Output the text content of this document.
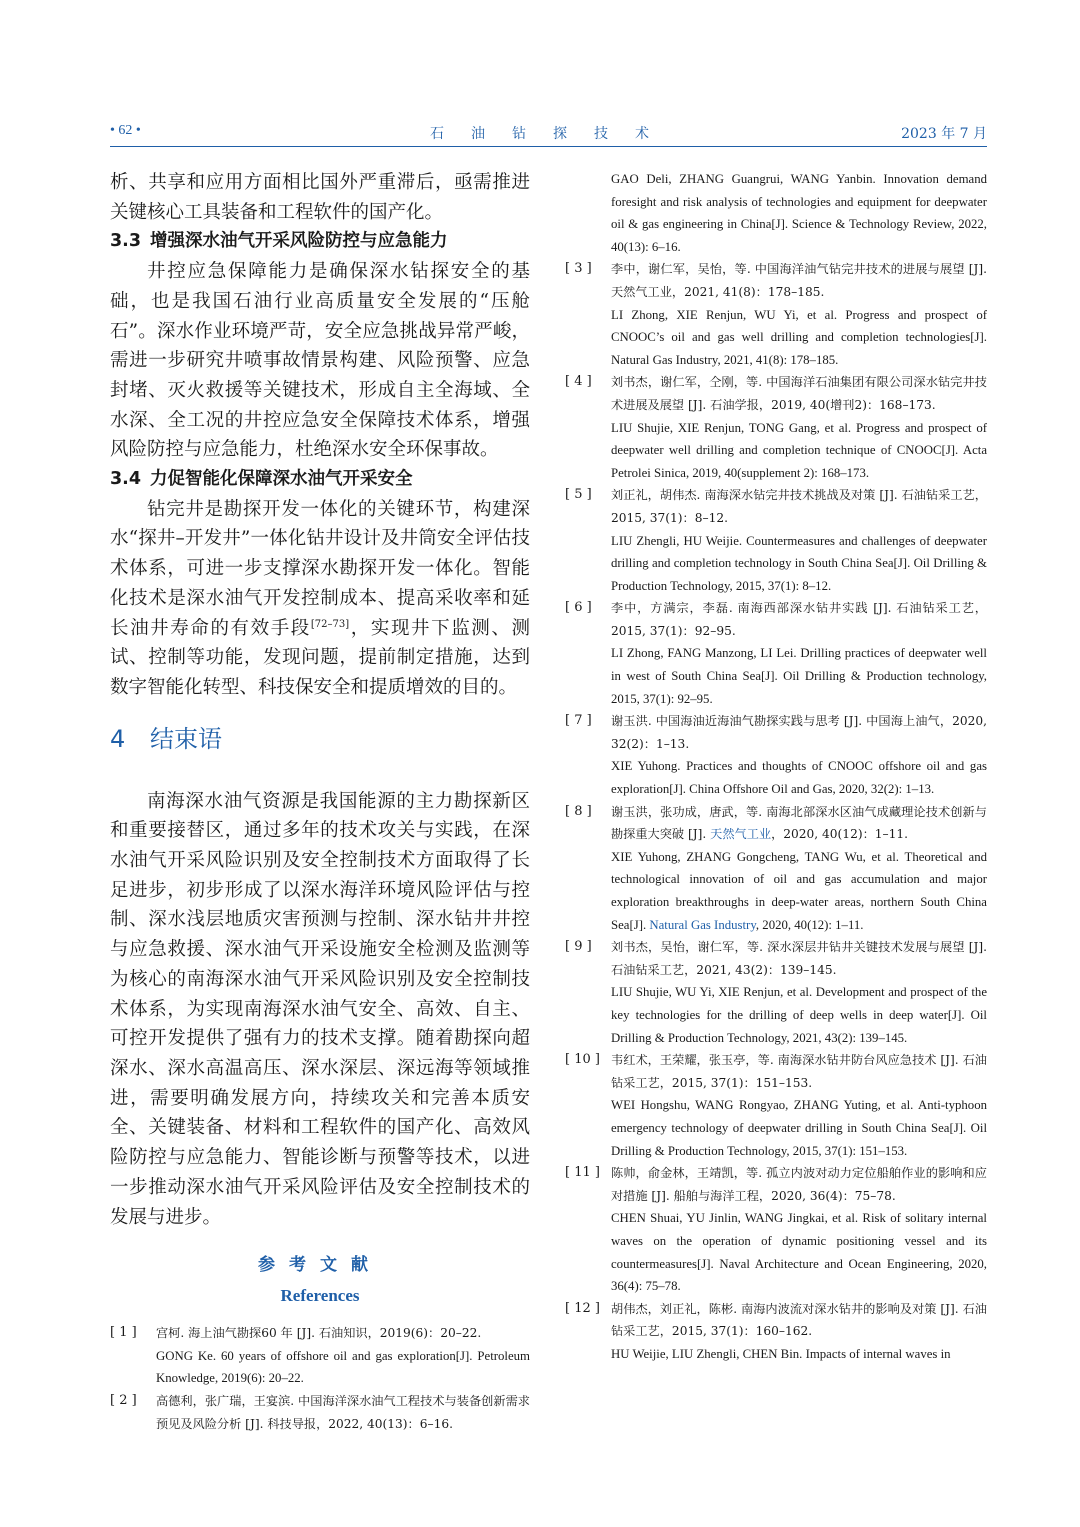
• 62 •	石油钻探技术	2023 年 7 月

析、共享和应用方面相比国外严重滞后，亟需推进关键核心工具装备和工程软件的国产化。

3.3 增强深水油气开采风险防控与应急能力

井控应急保障能力是确保深水钻探安全的基础，也是我国石油行业高质量安全发展的“压舱石”。深水作业环境严苛，安全应急挑战异常严峻，需进一步研究井喷事故情景构建、风险预警、应急封堵、灭火救援等关键技术，形成自主全海域、全水深、全工况的井控应急安全保障技术体系，增强风险防控与应急能力，杜绝深水安全环保事故。

3.4 力促智能化保障深水油气开采安全

钻完井是勘探开发一体化的关键环节，构建深水“探井–开发井”一体化钻井设计及井筒安全评估技术体系，可进一步支撑深水勘探开发一体化。智能化技术是深水油气开发控制成本、提高采收率和延长油井寿命的有效手段[72–73]，实现井下监测、测试、控制等功能，发现问题，提前制定措施，达到数字智能化转型、科技保安全和提质增效的目的。

4 结束语

南海深水油气资源是我国能源的主力勘探新区和重要接替区，通过多年的技术攻关与实践，在深水油气开采风险识别及安全控制技术方面取得了长足进步，初步形成了以深水海洋环境风险评估与控制、深水浅层地质灾害预测与控制、深水钻井井控与应急救援、深水油气开采设施安全检测及监测等为核心的南海深水油气开采风险识别及安全控制技术体系，为实现南海深水油气安全、高效、自主、可控开发提供了强有力的技术支撑。随着勘探向超深水、深水高温高压、深水深层、深远海等领域推进，需要明确发展方向，持续攻关和完善本质安全、关键装备、材料和工程软件的国产化、高效风险防控与应急能力、智能诊断与预警等技术，以进一步推动深水油气开采风险评估及安全控制技术的发展与进步。

参考文献
References
[ 1 ] 宫柯. 海上油气勘探60 年 [J]. 石油知识，2019(6)：20–22.

GONG Ke. 60 years of offshore oil and gas exploration[J]. Petroleum Knowledge, 2019(6): 20–22.

[ 2 ] 高德利，张广瑞，王宴滨. 中国海洋深水油气工程技术与装备创新需求预见及风险分析 [J]. 科技导报，2022, 40(13)：6–16.

GAO Deli, ZHANG Guangrui, WANG Yanbin. Innovation demand foresight and risk analysis of technologies and equipment for deepwater oil & gas engineering in China[J]. Science & Technology Review, 2022, 40(13): 6–16.

[ 3 ] 李中，谢仁军，吴怡，等. 中国海洋油气钻完井技术的进展与展望 [J]. 天然气工业，2021, 41(8)：178–185.

LI Zhong, XIE Renjun, WU Yi, et al. Progress and prospect of CNOOC’s oil and gas well drilling and completion technologies[J]. Natural Gas Industry, 2021, 41(8): 178–185.

[ 4 ] 刘书杰，谢仁军，仝刚，等. 中国海洋石油集团有限公司深水钻完井技术进展及展望 [J]. 石油学报，2019, 40(增刊2)：168–173.

LIU Shujie, XIE Renjun, TONG Gang, et al. Progress and prospect of deepwater well drilling and completion technique of CNOOC[J]. Acta Petrolei Sinica, 2019, 40(supplement 2): 168–173.

[ 5 ] 刘正礼，胡伟杰. 南海深水钻完井技术挑战及对策 [J]. 石油钻采工艺，2015, 37(1)：8–12.

LIU Zhengli, HU Weijie. Countermeasures and challenges of deepwater drilling and completion technology in South China Sea[J]. Oil Drilling & Production Technology, 2015, 37(1): 8–12.

[ 6 ] 李中，方满宗，李磊. 南海西部深水钻井实践 [J]. 石油钻采工艺，2015, 37(1)：92–95.

LI Zhong, FANG Manzong, LI Lei. Drilling practices of deepwater well in west of South China Sea[J]. Oil Drilling & Production technology, 2015, 37(1): 92–95.

[ 7 ] 谢玉洪. 中国海油近海油气勘探实践与思考 [J]. 中国海上油气，2020, 32(2)：1–13.

XIE Yuhong. Practices and thoughts of CNOOC offshore oil and gas exploration[J]. China Offshore Oil and Gas, 2020, 32(2): 1–13.

[ 8 ] 谢玉洪，张功成，唐武，等. 南海北部深水区油气成藏理论技术创新与勘探重大突破 [J]. 天然气工业，2020, 40(12)：1–11.

XIE Yuhong, ZHANG Gongcheng, TANG Wu, et al. Theoretical and technological innovation of oil and gas accumulation and major exploration breakthroughs in deep-water areas, northern South China Sea[J]. Natural Gas Industry, 2020, 40(12): 1–11.

[ 9 ] 刘书杰，吴怡，谢仁军，等. 深水深层井钻井关键技术发展与展望 [J]. 石油钻采工艺，2021, 43(2)：139–145.

LIU Shujie, WU Yi, XIE Renjun, et al. Development and prospect of the key technologies for the drilling of deep wells in deep water[J]. Oil Drilling & Production Technology, 2021, 43(2): 139–145.

[ 10 ] 韦红术，王荣耀，张玉亭，等. 南海深水钻井防台风应急技术 [J]. 石油钻采工艺，2015, 37(1)：151–153.

WEI Hongshu, WANG Rongyao, ZHANG Yuting, et al. Anti-typhoon emergency technology of deepwater drilling in South China Sea[J]. Oil Drilling & Production Technology, 2015, 37(1): 151–153.

[ 11 ] 陈帅，俞金林，王靖凯，等. 孤立内波对动力定位船舶作业的影响和应对措施 [J]. 船舶与海洋工程，2020, 36(4)：75–78.

CHEN Shuai, YU Jinlin, WANG Jingkai, et al. Risk of solitary internal waves on the operation of dynamic positioning vessel and its countermeasures[J]. Naval Architecture and Ocean Engineering, 2020, 36(4): 75–78.

[ 12 ] 胡伟杰，刘正礼，陈彬. 南海内波流对深水钻井的影响及对策 [J]. 石油钻采工艺，2015, 37(1)：160–162.

HU Weijie, LIU Zhengli, CHEN Bin. Impacts of internal waves in
